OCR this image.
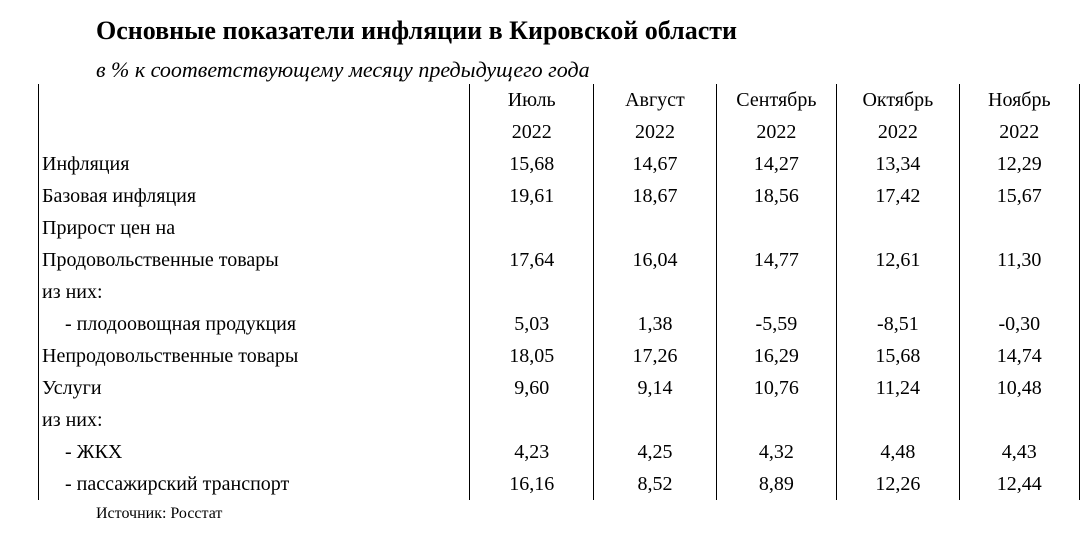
Основные показатели инфляции в Кировской области
в % к соответствующему месяцу предыдущего года
	Июль	Август	Сентябрь	Октябрь	Ноябрь
	2022	2022	2022	2022	2022
Инфляция	15,68	14,67	14,27	13,34	12,29
Базовая инфляция	19,61	18,67	18,56	17,42	15,67
Прирост цен на					
Продовольственные товары	17,64	16,04	14,77	12,61	11,30
из них:					
- плодоовощная продукция	5,03	1,38	-5,59	-8,51	-0,30
Непродовольственные товары	18,05	17,26	16,29	15,68	14,74
Услуги	9,60	9,14	10,76	11,24	10,48
из них:					
- ЖКХ	4,23	4,25	4,32	4,48	4,43
- пассажирский транспорт	16,16	8,52	8,89	12,26	12,44
Источник: Росстат
